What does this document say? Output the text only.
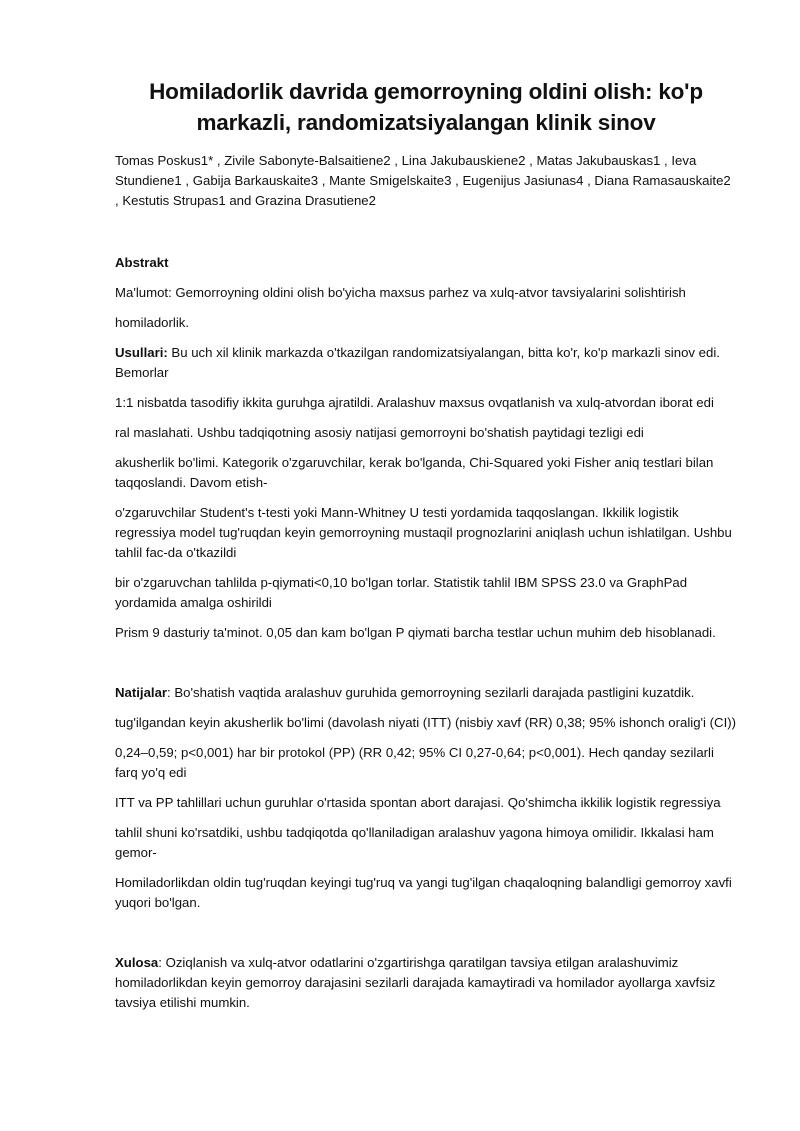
Homiladorlik davrida gemorroyning oldini olish: ko'p markazli, randomizatsiyalangan klinik sinov
Tomas Poskus1* , Zivile Sabonyte-Balsaitiene2 , Lina Jakubauskiene2 , Matas Jakubauskas1 , Ieva Stundiene1 , Gabija Barkauskaite3 , Mante Smigelskaite3 , Eugenijus Jasiunas4 , Diana Ramasauskaite2 , Kestutis Strupas1 and Grazina Drasutiene2
Abstrakt

Ma'lumot: Gemorroyning oldini olish bo'yicha maxsus parhez va xulq-atvor tavsiyalarini solishtirish

homiladorlik.

Usullari: Bu uch xil klinik markazda o'tkazilgan randomizatsiyalangan, bitta ko'r, ko'p markazli sinov edi. Bemorlar

1:1 nisbatda tasodifiy ikkita guruhga ajratildi. Aralashuv maxsus ovqatlanish va xulq-atvordan iborat edi

ral maslahati. Ushbu tadqiqotning asosiy natijasi gemorroyni bo'shatish paytidagi tezligi edi

akusherlik bo'limi. Kategorik o'zgaruvchilar, kerak bo'lganda, Chi-Squared yoki Fisher aniq testlari bilan taqqoslandi. Davom etish-

o'zgaruvchilar Student's t-testi yoki Mann-Whitney U testi yordamida taqqoslangan. Ikkilik logistik regressiya model tug'ruqdan keyin gemorroyning mustaqil prognozlarini aniqlash uchun ishlatilgan. Ushbu tahlil fac-da o'tkazildi

bir o'zgaruvchan tahlilda p-qiymati<0,10 bo'lgan torlar. Statistik tahlil IBM SPSS 23.0 va GraphPad yordamida amalga oshirildi

Prism 9 dasturiy ta'minot. 0,05 dan kam bo'lgan P qiymati barcha testlar uchun muhim deb hisoblanadi.

Natijalar: Bo'shatish vaqtida aralashuv guruhida gemorroyning sezilarli darajada pastligini kuzatdik.

tug'ilgandan keyin akusherlik bo'limi (davolash niyati (ITT) (nisbiy xavf (RR) 0,38; 95% ishonch oralig'i (CI))

0,24–0,59; p<0,001) har bir protokol (PP) (RR 0,42; 95% CI 0,27-0,64; p<0,001). Hech qanday sezilarli farq yo'q edi

ITT va PP tahlillari uchun guruhlar o'rtasida spontan abort darajasi. Qo'shimcha ikkilik logistik regressiya

tahlil shuni ko'rsatdiki, ushbu tadqiqotda qo'llaniladigan aralashuv yagona himoya omilidir. Ikkalasi ham gemor-

Homiladorlikdan oldin tug'ruqdan keyingi tug'ruq va yangi tug'ilgan chaqaloqning balandligi gemorroy xavfi yuqori bo'lgan.

Xulosa: Oziqlanish va xulq-atvor odatlarini o'zgartirishga qaratilgan tavsiya etilgan aralashuvimiz homiladorlikdan keyin gemorroy darajasini sezilarli darajada kamaytiradi va homilador ayollarga xavfsiz tavsiya etilishi mumkin.
